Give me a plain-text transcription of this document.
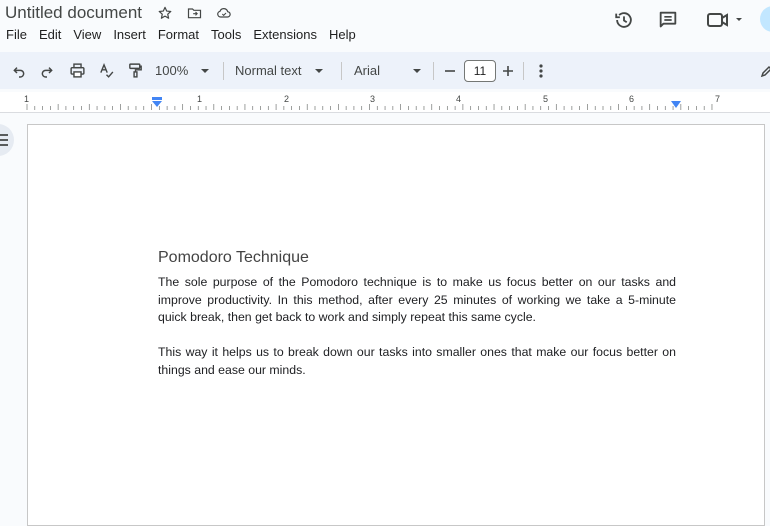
Untitled document
File Edit View Insert Format Tools Extensions Help
100%	Normal text	Arial	11
1	1	2	3	4	5	6	7
Pomodoro Technique
The sole purpose of the Pomodoro technique is to make us focus better on our tasks and improve productivity. In this method, after every 25 minutes of working we take a 5-minute quick break, then get back to work and simply repeat this same cycle.
This way it helps us to break down our tasks into smaller ones that make our focus better on things and ease our minds.
